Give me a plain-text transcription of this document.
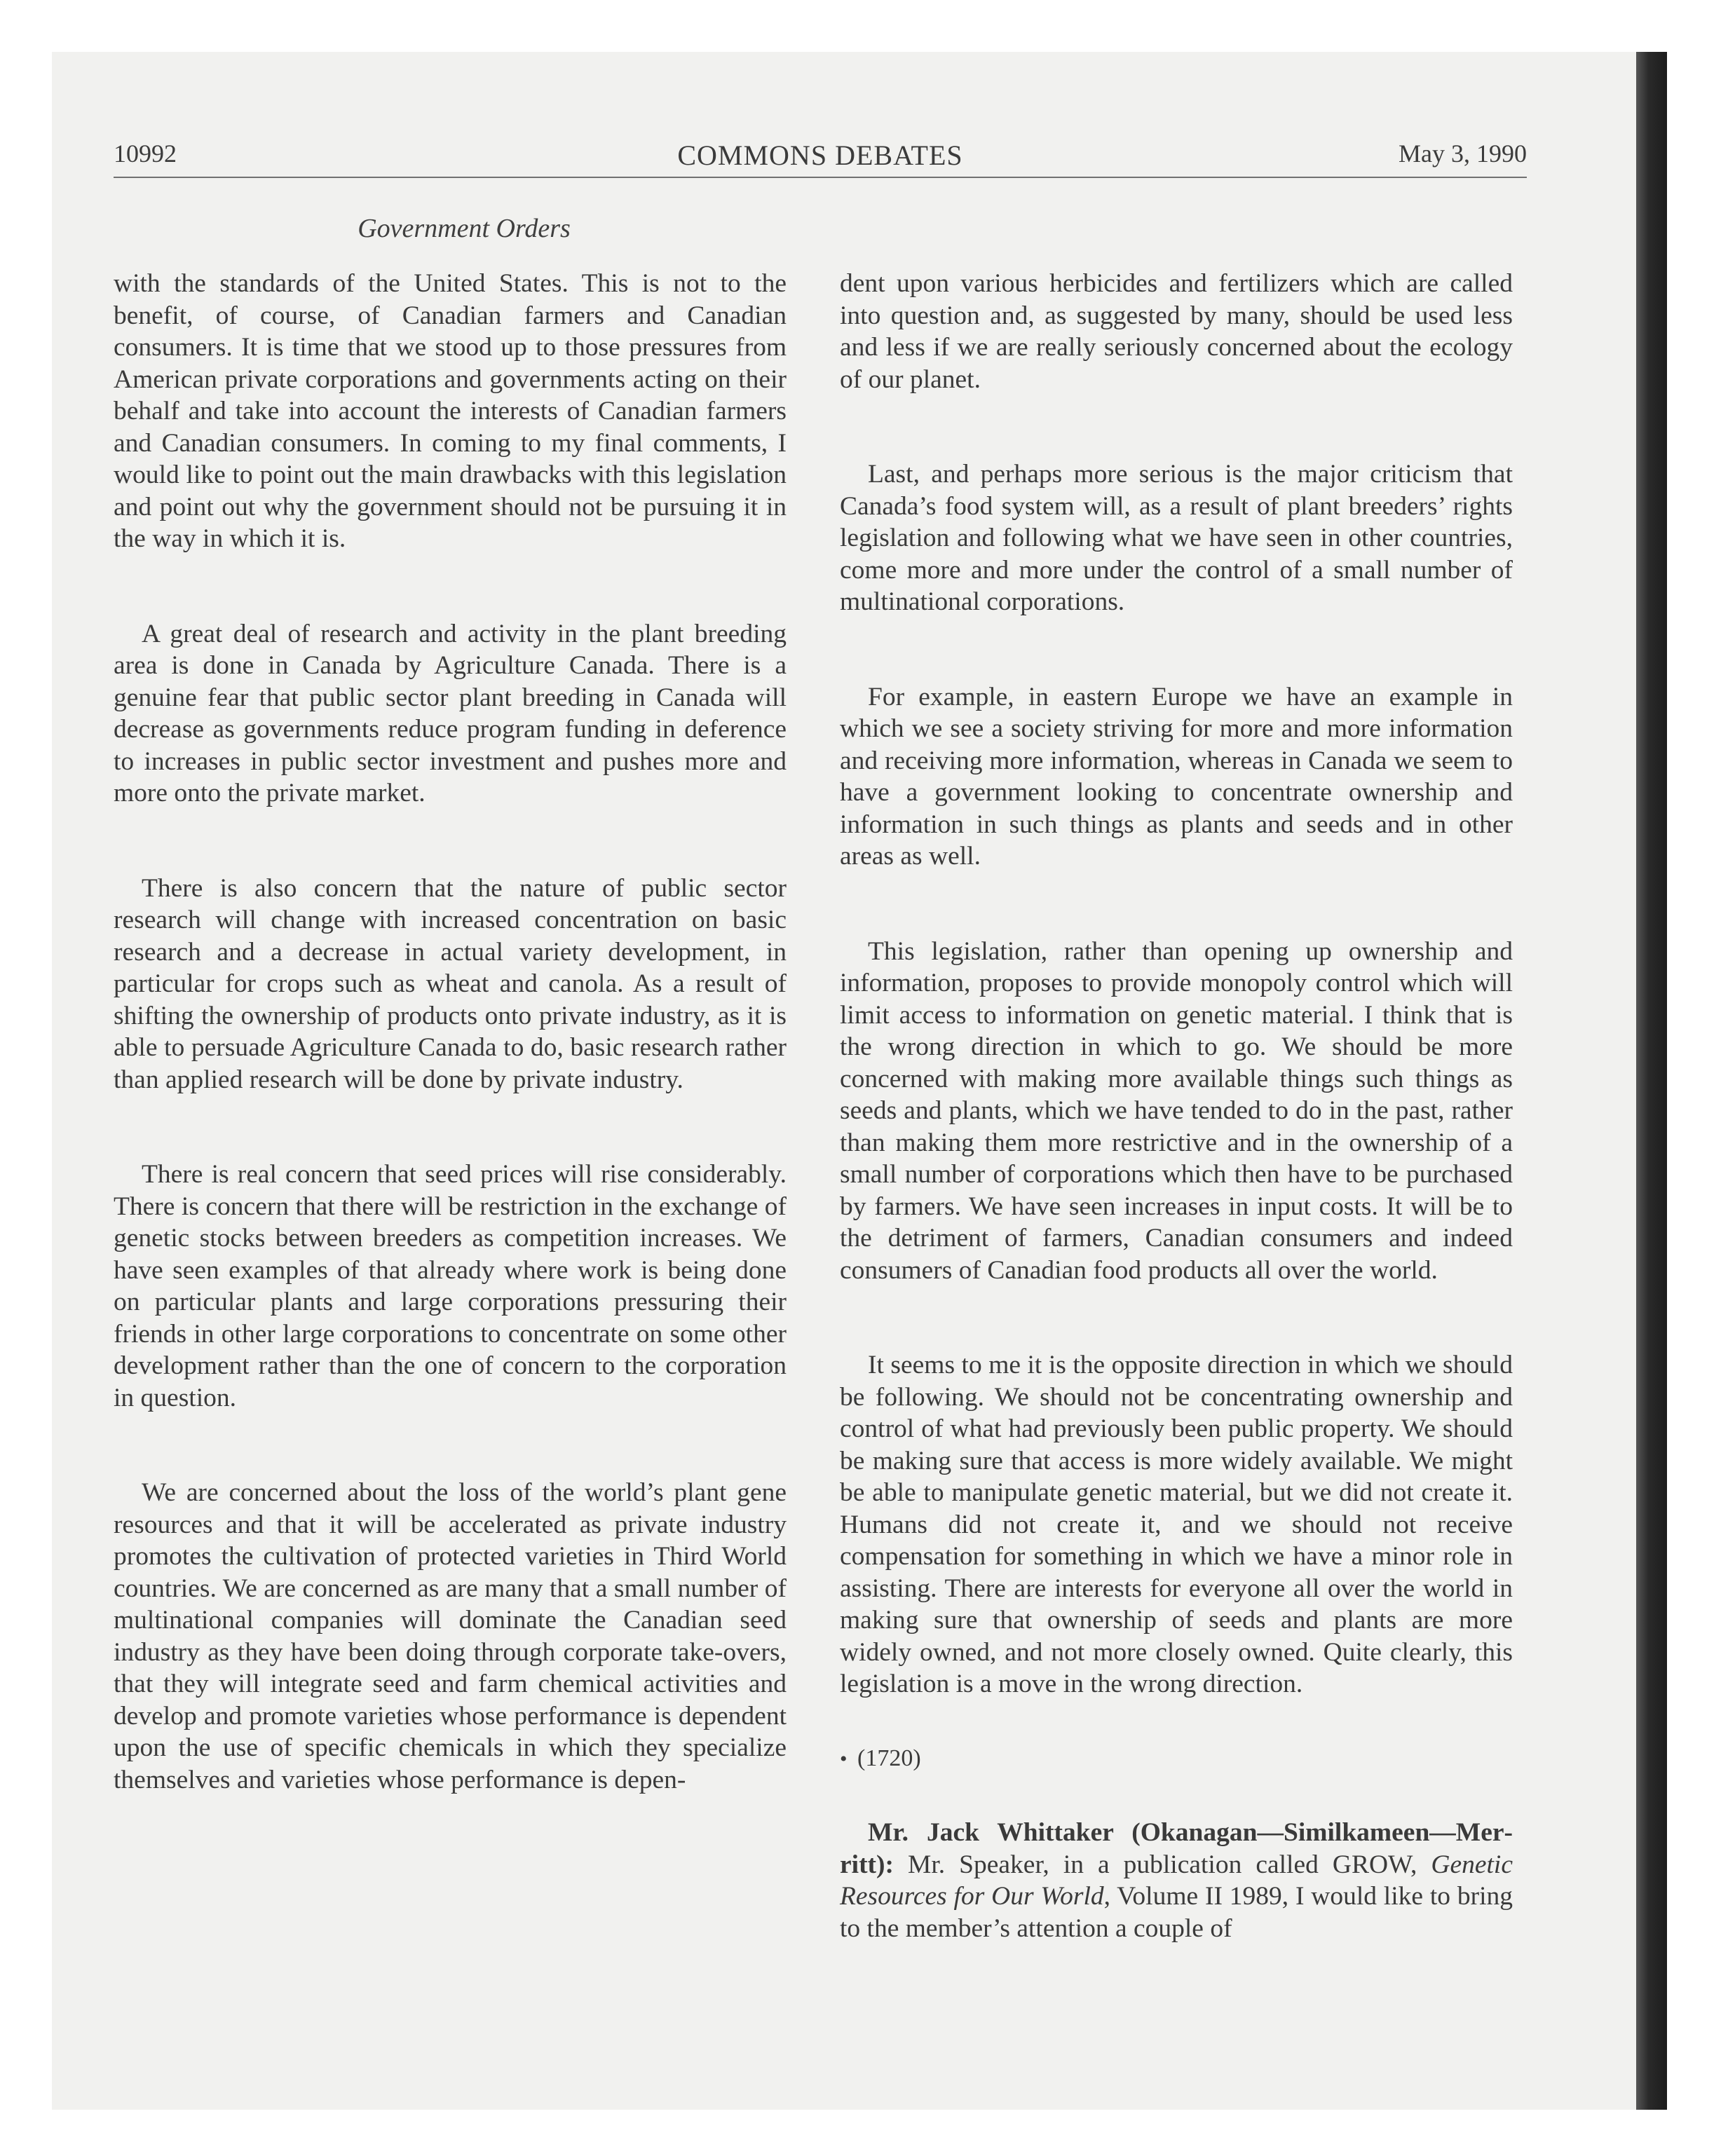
10992	COMMONS DEBATES	May 3, 1990
Government Orders

with the standards of the United States. This is not to the benefit, of course, of Canadian farmers and Canadian consumers. It is time that we stood up to those pressures from American private corporations and governments acting on their behalf and take into account the interests of Canadian farmers and Canadian consumers. In coming to my final comments, I would like to point out the main drawbacks with this legislation and point out why the government should not be pursuing it in the way in which it is.

A great deal of research and activity in the plant breeding area is done in Canada by Agriculture Canada. There is a genuine fear that public sector plant breeding in Canada will decrease as governments reduce program funding in deference to increases in public sector investment and pushes more and more onto the private market.

There is also concern that the nature of public sector research will change with increased concentration on basic research and a decrease in actual variety development, in particular for crops such as wheat and canola. As a result of shifting the ownership of products onto private industry, as it is able to persuade Agriculture Canada to do, basic research rather than applied research will be done by private industry.

There is real concern that seed prices will rise considerably. There is concern that there will be restriction in the exchange of genetic stocks between breeders as competition increases. We have seen examples of that already where work is being done on particular plants and large corporations pressuring their friends in other large corporations to concentrate on some other development rather than the one of concern to the corporation in question.

We are concerned about the loss of the world’s plant gene resources and that it will be accelerated as private industry promotes the cultivation of protected varieties in Third World countries. We are concerned as are many that a small number of multinational companies will dominate the Canadian seed industry as they have been doing through corporate take-overs, that they will integrate seed and farm chemical activities and develop and promote varieties whose performance is dependent upon the use of specific chemicals in which they specialize themselves and varieties whose performance is depen-

dent upon various herbicides and fertilizers which are called into question and, as suggested by many, should be used less and less if we are really seriously concerned about the ecology of our planet.

Last, and perhaps more serious is the major criticism that Canada’s food system will, as a result of plant breeders’ rights legislation and following what we have seen in other countries, come more and more under the control of a small number of multinational corporations.

For example, in eastern Europe we have an example in which we see a society striving for more and more information and receiving more information, whereas in Canada we seem to have a government looking to concentrate ownership and information in such things as plants and seeds and in other areas as well.

This legislation, rather than opening up ownership and information, proposes to provide monopoly control which will limit access to information on genetic material. I think that is the wrong direction in which to go. We should be more concerned with making more available things such things as seeds and plants, which we have tended to do in the past, rather than making them more restrictive and in the ownership of a small number of corporations which then have to be purchased by farmers. We have seen increases in input costs. It will be to the detriment of farmers, Canadian consumers and indeed consumers of Canadian food products all over the world.

It seems to me it is the opposite direction in which we should be following. We should not be concentrating ownership and control of what had previously been public property. We should be making sure that access is more widely available. We might be able to manipulate genetic material, but we did not create it. Humans did not create it, and we should not receive compensation for something in which we have a minor role in assisting. There are interests for everyone all over the world in making sure that ownership of seeds and plants are more widely owned, and not more closely owned. Quite clearly, this legislation is a move in the wrong direction.

• (1720)

Mr. Jack Whittaker (Okanagan—Similkameen—Merritt): Mr. Speaker, in a publication called GROW, Genetic Resources for Our World, Volume II 1989, I would like to bring to the member’s attention a couple of
